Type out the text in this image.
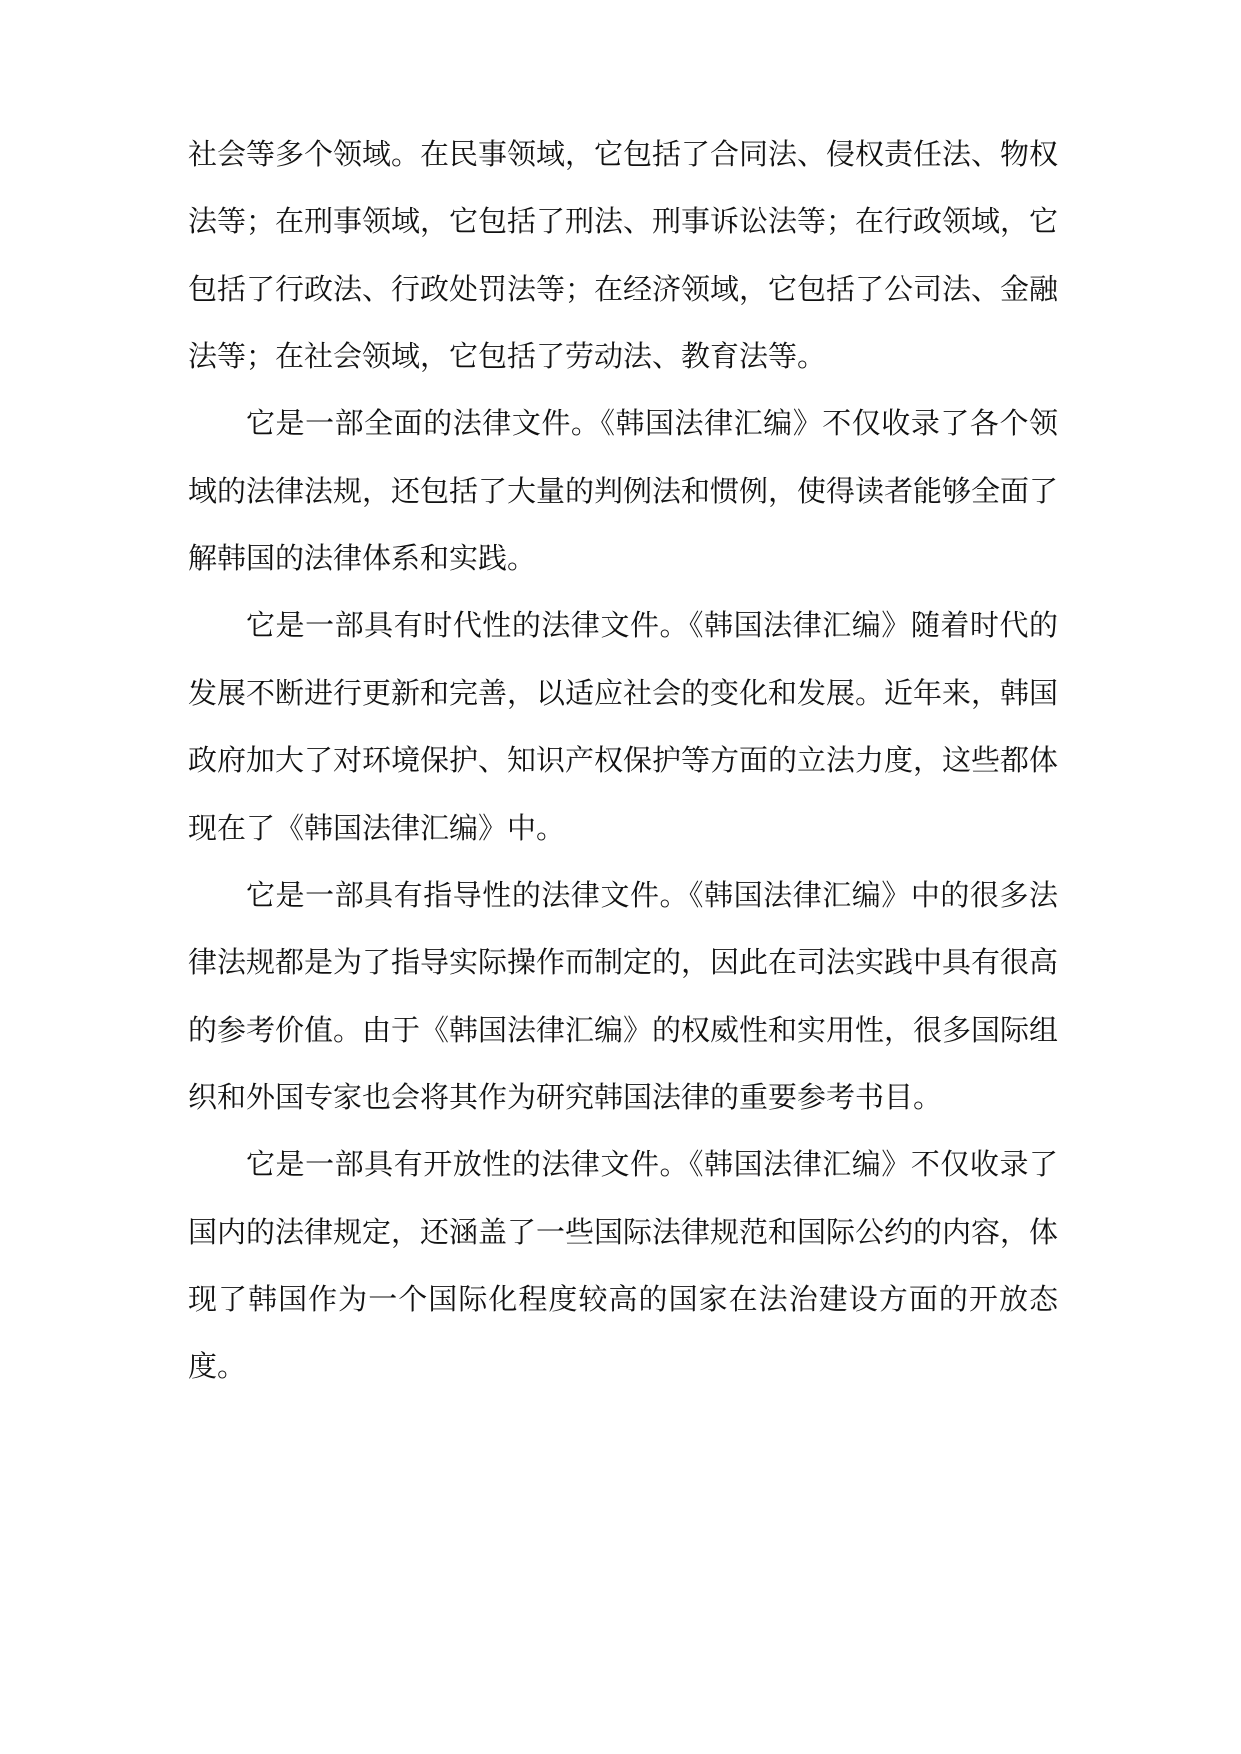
社会等多个领域。在民事领域，它包括了合同法、侵权责任法、物权
法等；在刑事领域，它包括了刑法、刑事诉讼法等；在行政领域，它
包括了行政法、行政处罚法等；在经济领域，它包括了公司法、金融
法等；在社会领域，它包括了劳动法、教育法等。
它是一部全面的法律文件。《韩国法律汇编》不仅收录了各个领
域的法律法规，还包括了大量的判例法和惯例，使得读者能够全面了
解韩国的法律体系和实践。
它是一部具有时代性的法律文件。《韩国法律汇编》随着时代的
发展不断进行更新和完善，以适应社会的变化和发展。近年来，韩国
政府加大了对环境保护、知识产权保护等方面的立法力度，这些都体
现在了《韩国法律汇编》中。
它是一部具有指导性的法律文件。《韩国法律汇编》中的很多法
律法规都是为了指导实际操作而制定的，因此在司法实践中具有很高
的参考价值。由于《韩国法律汇编》的权威性和实用性，很多国际组
织和外国专家也会将其作为研究韩国法律的重要参考书目。
它是一部具有开放性的法律文件。《韩国法律汇编》不仅收录了
国内的法律规定，还涵盖了一些国际法律规范和国际公约的内容，体
现了韩国作为一个国际化程度较高的国家在法治建设方面的开放态
度。
